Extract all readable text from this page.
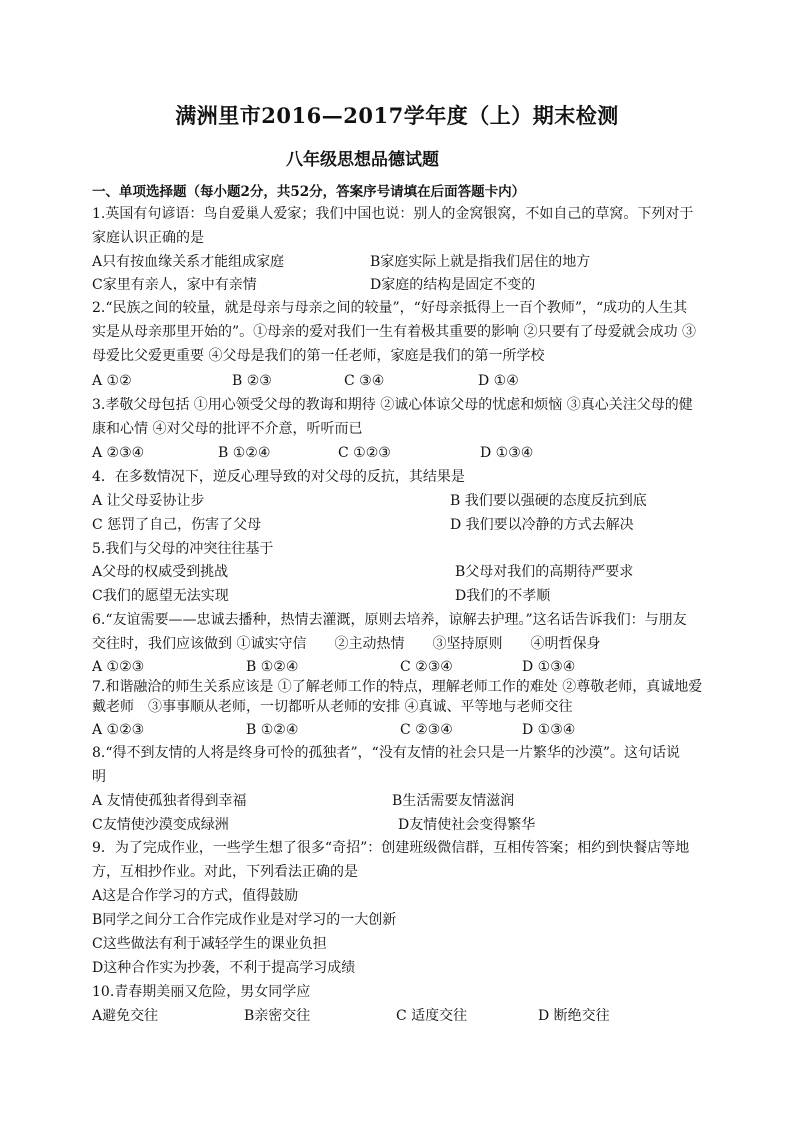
满洲里市2016—2017学年度（上）期末检测
八年级思想品德试题
一、单项选择题（每小题2分，共52分，答案序号请填在后面答题卡内）
1.英国有句谚语：鸟自爱巢人爱家；我们中国也说：别人的金窝银窝，不如自己的草窝。下列对于
家庭认识正确的是
A只有按血缘关系才能组成家庭	B家庭实际上就是指我们居住的地方
C家里有亲人，家中有亲情	D家庭的结构是固定不变的
2.“民族之间的较量，就是母亲与母亲之间的较量”，“好母亲抵得上一百个教师”，“成功的人生其
实是从母亲那里开始的”。①母亲的爱对我们一生有着极其重要的影响 ②只要有了母爱就会成功 ③
母爱比父爱更重要 ④父母是我们的第一任老师，家庭是我们的第一所学校
A ①②	B ②③	C ③④	D ①④
3.孝敬父母包括 ①用心领受父母的教诲和期待 ②诚心体谅父母的忧虑和烦恼 ③真心关注父母的健
康和心情 ④对父母的批评不介意，听听而已
A ②③④	B ①②④	C ①②③	D ①③④
4．在多数情况下，逆反心理导致的对父母的反抗，其结果是
A 让父母妥协让步	B 我们要以强硬的态度反抗到底
C 惩罚了自己，伤害了父母	D 我们要以冷静的方式去解决
5.我们与父母的冲突往往基于
A父母的权威受到挑战	B父母对我们的高期待严要求
C我们的愿望无法实现	D我们的不孝顺
6.“友谊需要——忠诚去播种，热情去灌溉，原则去培养，谅解去护理。”这名话告诉我们：与朋友
交往时，我们应该做到 ①诚实守信　　②主动热情　　③坚持原则　　④明哲保身
A ①②③	B ①②④	C ②③④	D ①③④
7.和谐融洽的师生关系应该是 ①了解老师工作的特点，理解老师工作的难处 ②尊敬老师，真诚地爱
戴老师　③事事顺从老师，一切都听从老师的安排 ④真诚、平等地与老师交往
A ①②③	B ①②④	C ②③④	D ①③④
8.“得不到友情的人将是终身可怜的孤独者”，“没有友情的社会只是一片繁华的沙漠”。这句话说
明
A 友情使孤独者得到幸福	B生活需要友情滋润
C友情使沙漠变成绿洲	D友情使社会变得繁华
9．为了完成作业，一些学生想了很多“奇招”：创建班级微信群，互相传答案；相约到快餐店等地
方，互相抄作业。对此，下列看法正确的是
A这是合作学习的方式，值得鼓励
B同学之间分工合作完成作业是对学习的一大创新
C这些做法有利于减轻学生的课业负担
D这种合作实为抄袭，不利于提高学习成绩
10.青春期美丽又危险，男女同学应
A避免交往	B亲密交往	C 适度交往	D 断绝交往
